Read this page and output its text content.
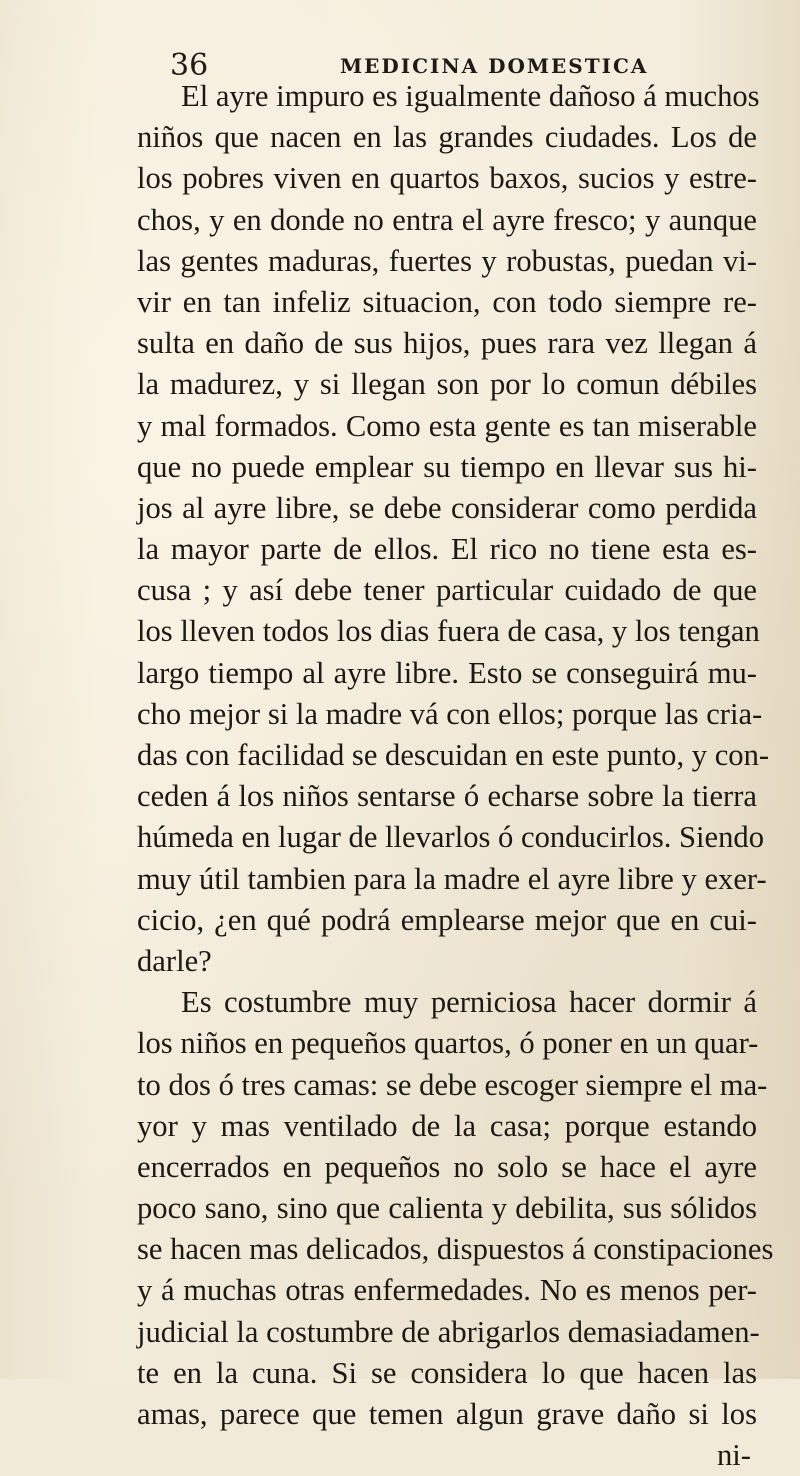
36	MEDICINA DOMESTICA
El ayre impuro es igualmente dañoso á muchos
niños que nacen en las grandes ciudades. Los de
los pobres viven en quartos baxos, sucios y estre-
chos, y en donde no entra el ayre fresco; y aunque
las gentes maduras, fuertes y robustas, puedan vi-
vir en tan infeliz situacion, con todo siempre re-
sulta en daño de sus hijos, pues rara vez llegan á
la madurez, y si llegan son por lo comun débiles
y mal formados. Como esta gente es tan miserable
que no puede emplear su tiempo en llevar sus hi-
jos al ayre libre, se debe considerar como perdida
la mayor parte de ellos. El rico no tiene esta es-
cusa ; y así debe tener particular cuidado de que
los lleven todos los dias fuera de casa, y los tengan
largo tiempo al ayre libre. Esto se conseguirá mu-
cho mejor si la madre vá con ellos; porque las cria-
das con facilidad se descuidan en este punto, y con-
ceden á los niños sentarse ó echarse sobre la tierra
húmeda en lugar de llevarlos ó conducirlos. Siendo
muy útil tambien para la madre el ayre libre y exer-
cicio, ¿en qué podrá emplearse mejor que en cui-
darle?
Es costumbre muy perniciosa hacer dormir á
los niños en pequeños quartos, ó poner en un quar-
to dos ó tres camas: se debe escoger siempre el ma-
yor y mas ventilado de la casa; porque estando
encerrados en pequeños no solo se hace el ayre
poco sano, sino que calienta y debilita, sus sólidos
se hacen mas delicados, dispuestos á constipaciones
y á muchas otras enfermedades. No es menos per-
judicial la costumbre de abrigarlos demasiadamen-
te en la cuna. Si se considera lo que hacen las
amas, parece que temen algun grave daño si los
ni-
